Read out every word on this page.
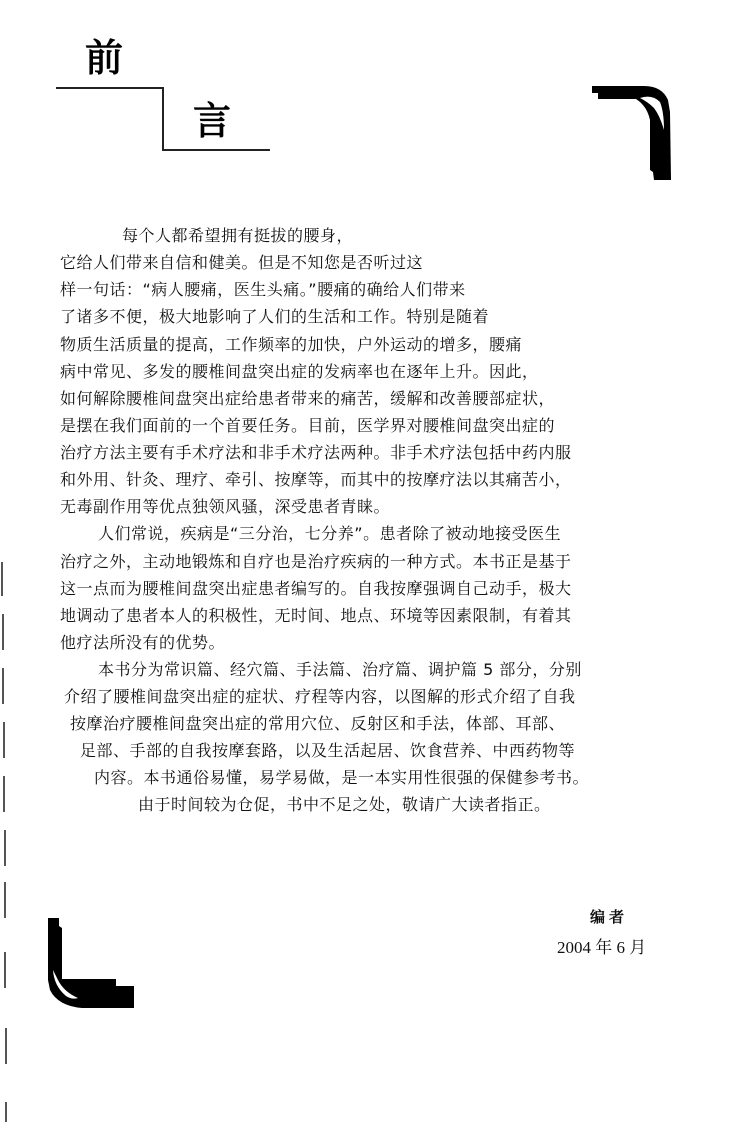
前
言
每个人都希望拥有挺拔的腰身，
它给人们带来自信和健美。但是不知您是否听过这
样一句话：“病人腰痛，医生头痛。”腰痛的确给人们带来
了诸多不便，极大地影响了人们的生活和工作。特别是随着
物质生活质量的提高，工作频率的加快，户外运动的增多，腰痛
病中常见、多发的腰椎间盘突出症的发病率也在逐年上升。因此，
如何解除腰椎间盘突出症给患者带来的痛苦，缓解和改善腰部症状，
是摆在我们面前的一个首要任务。目前，医学界对腰椎间盘突出症的
治疗方法主要有手术疗法和非手术疗法两种。非手术疗法包括中药内服
和外用、针灸、理疗、牵引、按摩等，而其中的按摩疗法以其痛苦小，
无毒副作用等优点独领风骚，深受患者青睐。
人们常说，疾病是“三分治，七分养”。患者除了被动地接受医生
治疗之外，主动地锻炼和自疗也是治疗疾病的一种方式。本书正是基于
这一点而为腰椎间盘突出症患者编写的。自我按摩强调自己动手，极大
地调动了患者本人的积极性，无时间、地点、环境等因素限制，有着其
他疗法所没有的优势。
本书分为常识篇、经穴篇、手法篇、治疗篇、调护篇 5 部分，分别
介绍了腰椎间盘突出症的症状、疗程等内容，以图解的形式介绍了自我
按摩治疗腰椎间盘突出症的常用穴位、反射区和手法，体部、耳部、
足部、手部的自我按摩套路，以及生活起居、饮食营养、中西药物等
内容。本书通俗易懂，易学易做，是一本实用性很强的保健参考书。
由于时间较为仓促，书中不足之处，敬请广大读者指正。
编者
2004 年 6 月
